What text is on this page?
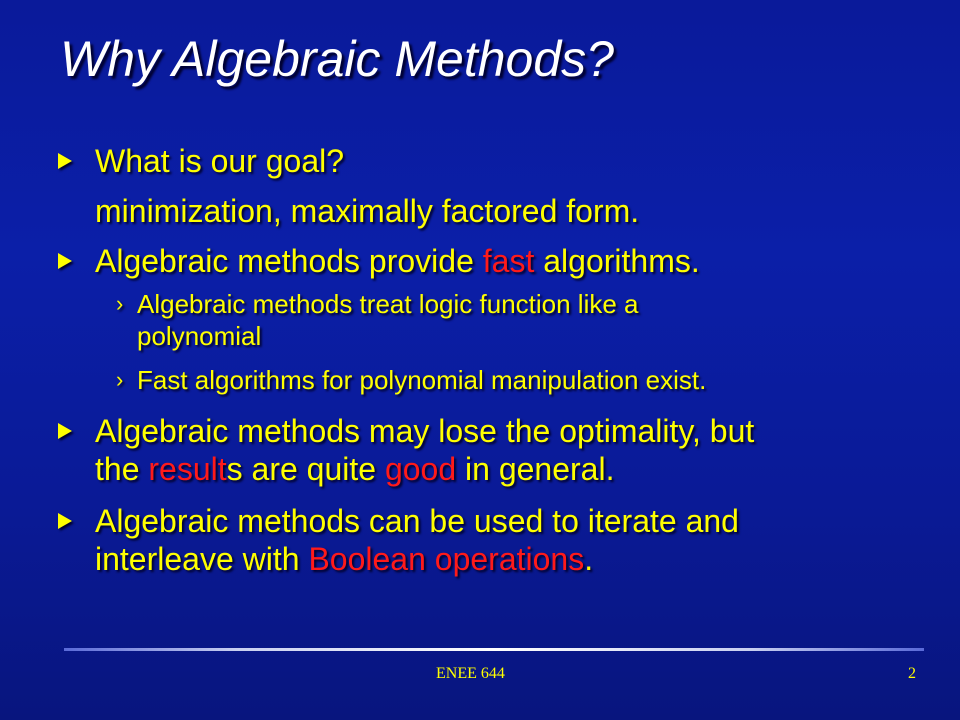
Why Algebraic Methods?
What is our goal?
minimization, maximally factored form.
Algebraic methods provide fast algorithms.
› Algebraic methods treat logic function like a
polynomial
› Fast algorithms for polynomial manipulation exist.
Algebraic methods may lose the optimality, but
the results are quite good in general.
Algebraic methods can be used to iterate and
interleave with Boolean operations.
ENEE 644	2
